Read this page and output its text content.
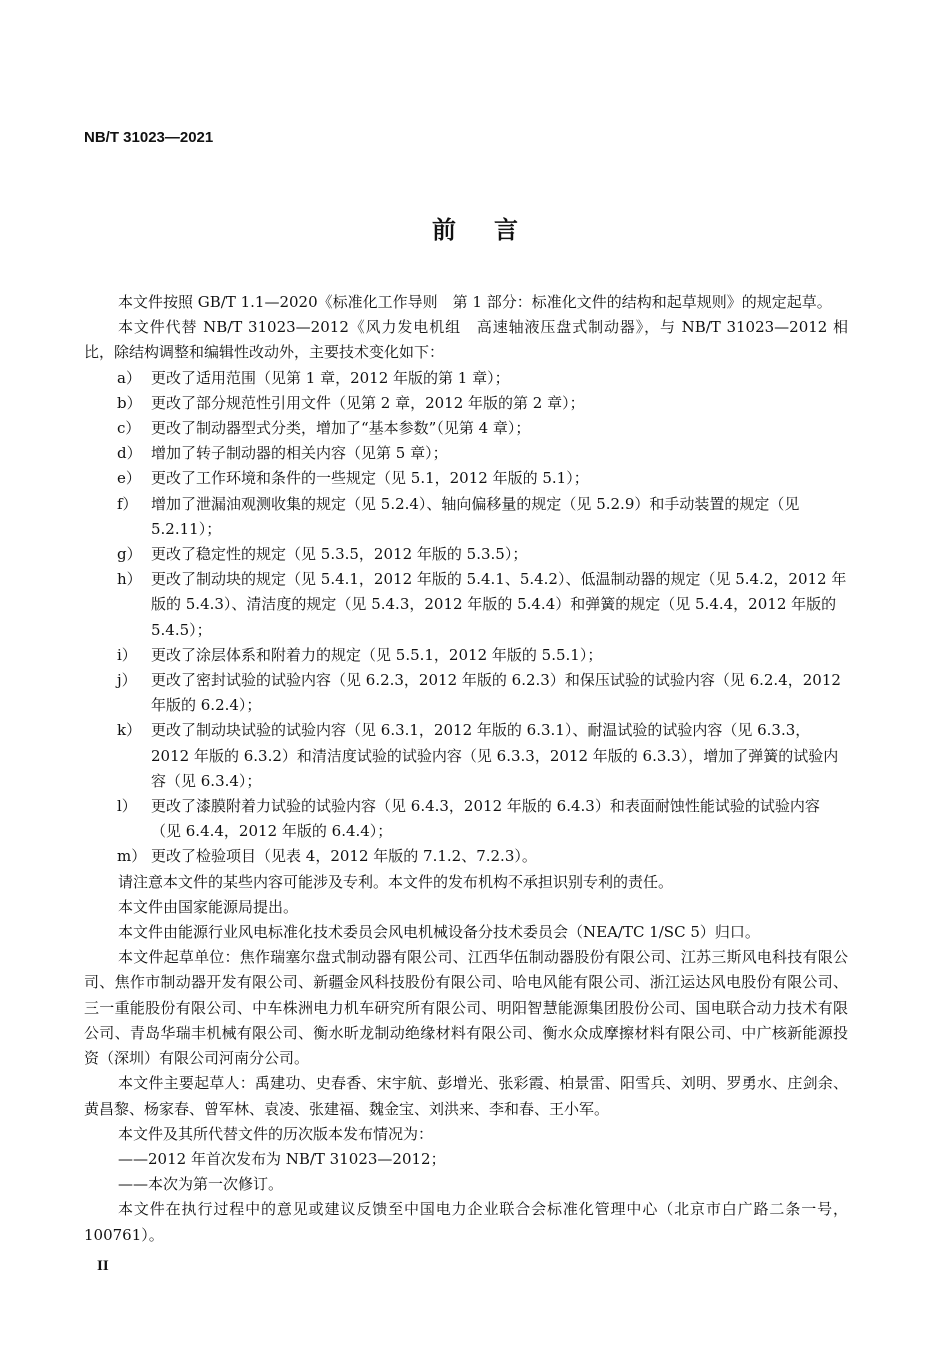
NB/T 31023—2021
前言

本文件按照 GB/T 1.1—2020《标准化工作导则　第 1 部分：标准化文件的结构和起草规则》的规定起草。

本文件代替 NB/T 31023—2012《风力发电机组　高速轴液压盘式制动器》，与 NB/T 31023—2012 相比，除结构调整和编辑性改动外，主要技术变化如下：

a） 更改了适用范围（见第 1 章，2012 年版的第 1 章）；
b） 更改了部分规范性引用文件（见第 2 章，2012 年版的第 2 章）；
c） 更改了制动器型式分类，增加了“基本参数”（见第 4 章）；
d） 增加了转子制动器的相关内容（见第 5 章）；
e） 更改了工作环境和条件的一些规定（见 5.1，2012 年版的 5.1）；
f） 增加了泄漏油观测收集的规定（见 5.2.4）、轴向偏移量的规定（见 5.2.9）和手动装置的规定（见 5.2.11）；
g） 更改了稳定性的规定（见 5.3.5，2012 年版的 5.3.5）；
h） 更改了制动块的规定（见 5.4.1，2012 年版的 5.4.1、5.4.2）、低温制动器的规定（见 5.4.2，2012 年版的 5.4.3）、清洁度的规定（见 5.4.3，2012 年版的 5.4.4）和弹簧的规定（见 5.4.4，2012 年版的 5.4.5）；
i） 更改了涂层体系和附着力的规定（见 5.5.1，2012 年版的 5.5.1）；
j） 更改了密封试验的试验内容（见 6.2.3，2012 年版的 6.2.3）和保压试验的试验内容（见 6.2.4，2012 年版的 6.2.4）；
k） 更改了制动块试验的试验内容（见 6.3.1，2012 年版的 6.3.1）、耐温试验的试验内容（见 6.3.3，2012 年版的 6.3.2）和清洁度试验的试验内容（见 6.3.3，2012 年版的 6.3.3），增加了弹簧的试验内容（见 6.3.4）；
l） 更改了漆膜附着力试验的试验内容（见 6.4.3，2012 年版的 6.4.3）和表面耐蚀性能试验的试验内容（见 6.4.4，2012 年版的 6.4.4）；
m） 更改了检验项目（见表 4，2012 年版的 7.1.2、7.2.3）。

请注意本文件的某些内容可能涉及专利。本文件的发布机构不承担识别专利的责任。

本文件由国家能源局提出。

本文件由能源行业风电标准化技术委员会风电机械设备分技术委员会（NEA/TC 1/SC 5）归口。

本文件起草单位：焦作瑞塞尔盘式制动器有限公司、江西华伍制动器股份有限公司、江苏三斯风电科技有限公司、焦作市制动器开发有限公司、新疆金风科技股份有限公司、哈电风能有限公司、浙江运达风电股份有限公司、三一重能股份有限公司、中车株洲电力机车研究所有限公司、明阳智慧能源集团股份公司、国电联合动力技术有限公司、青岛华瑞丰机械有限公司、衡水昕龙制动绝缘材料有限公司、衡水众成摩擦材料有限公司、中广核新能源投资（深圳）有限公司河南分公司。

本文件主要起草人：禹建功、史春香、宋宇航、彭增光、张彩霞、柏景雷、阳雪兵、刘明、罗勇水、庄剑余、黄昌黎、杨家春、曾军林、袁凌、张建福、魏金宝、刘洪来、李和春、王小军。

本文件及其所代替文件的历次版本发布情况为：

——2012 年首次发布为 NB/T 31023—2012；

——本次为第一次修订。

本文件在执行过程中的意见或建议反馈至中国电力企业联合会标准化管理中心（北京市白广路二条一号，100761）。

II
